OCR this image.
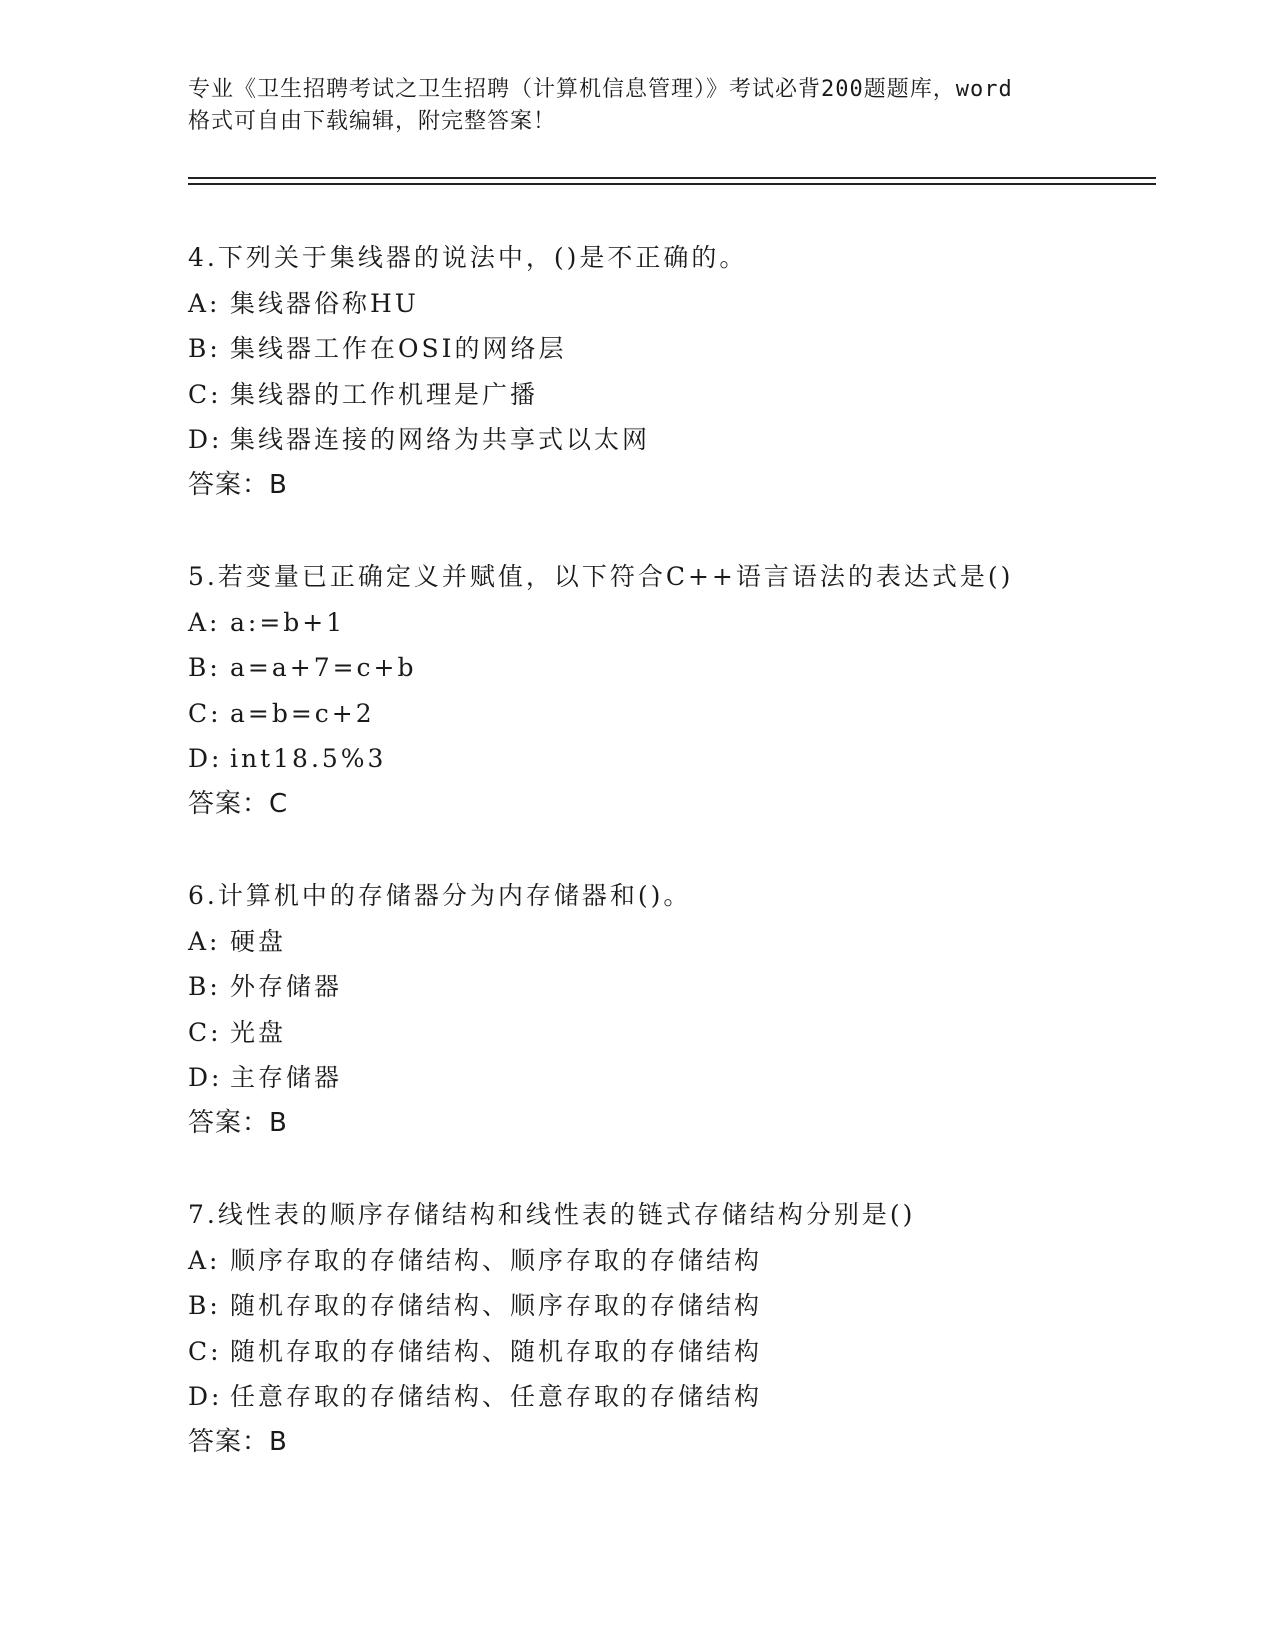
专业《卫生招聘考试之卫生招聘（计算机信息管理）》考试必背200题题库，word
格式可自由下载编辑，附完整答案！
4.下列关于集线器的说法中，()是不正确的。
A: 集线器俗称HU
B: 集线器工作在OSI的网络层
C: 集线器的工作机理是广播
D: 集线器连接的网络为共享式以太网
答案：B
5.若变量已正确定义并赋值，以下符合C++语言语法的表达式是()
A: a:=b+1
B: a=a+7=c+b
C: a=b=c+2
D: int18.5%3
答案：C
6.计算机中的存储器分为内存储器和()。
A: 硬盘
B: 外存储器
C: 光盘
D: 主存储器
答案：B
7.线性表的顺序存储结构和线性表的链式存储结构分别是()
A: 顺序存取的存储结构、顺序存取的存储结构
B: 随机存取的存储结构、顺序存取的存储结构
C: 随机存取的存储结构、随机存取的存储结构
D: 任意存取的存储结构、任意存取的存储结构
答案：B
